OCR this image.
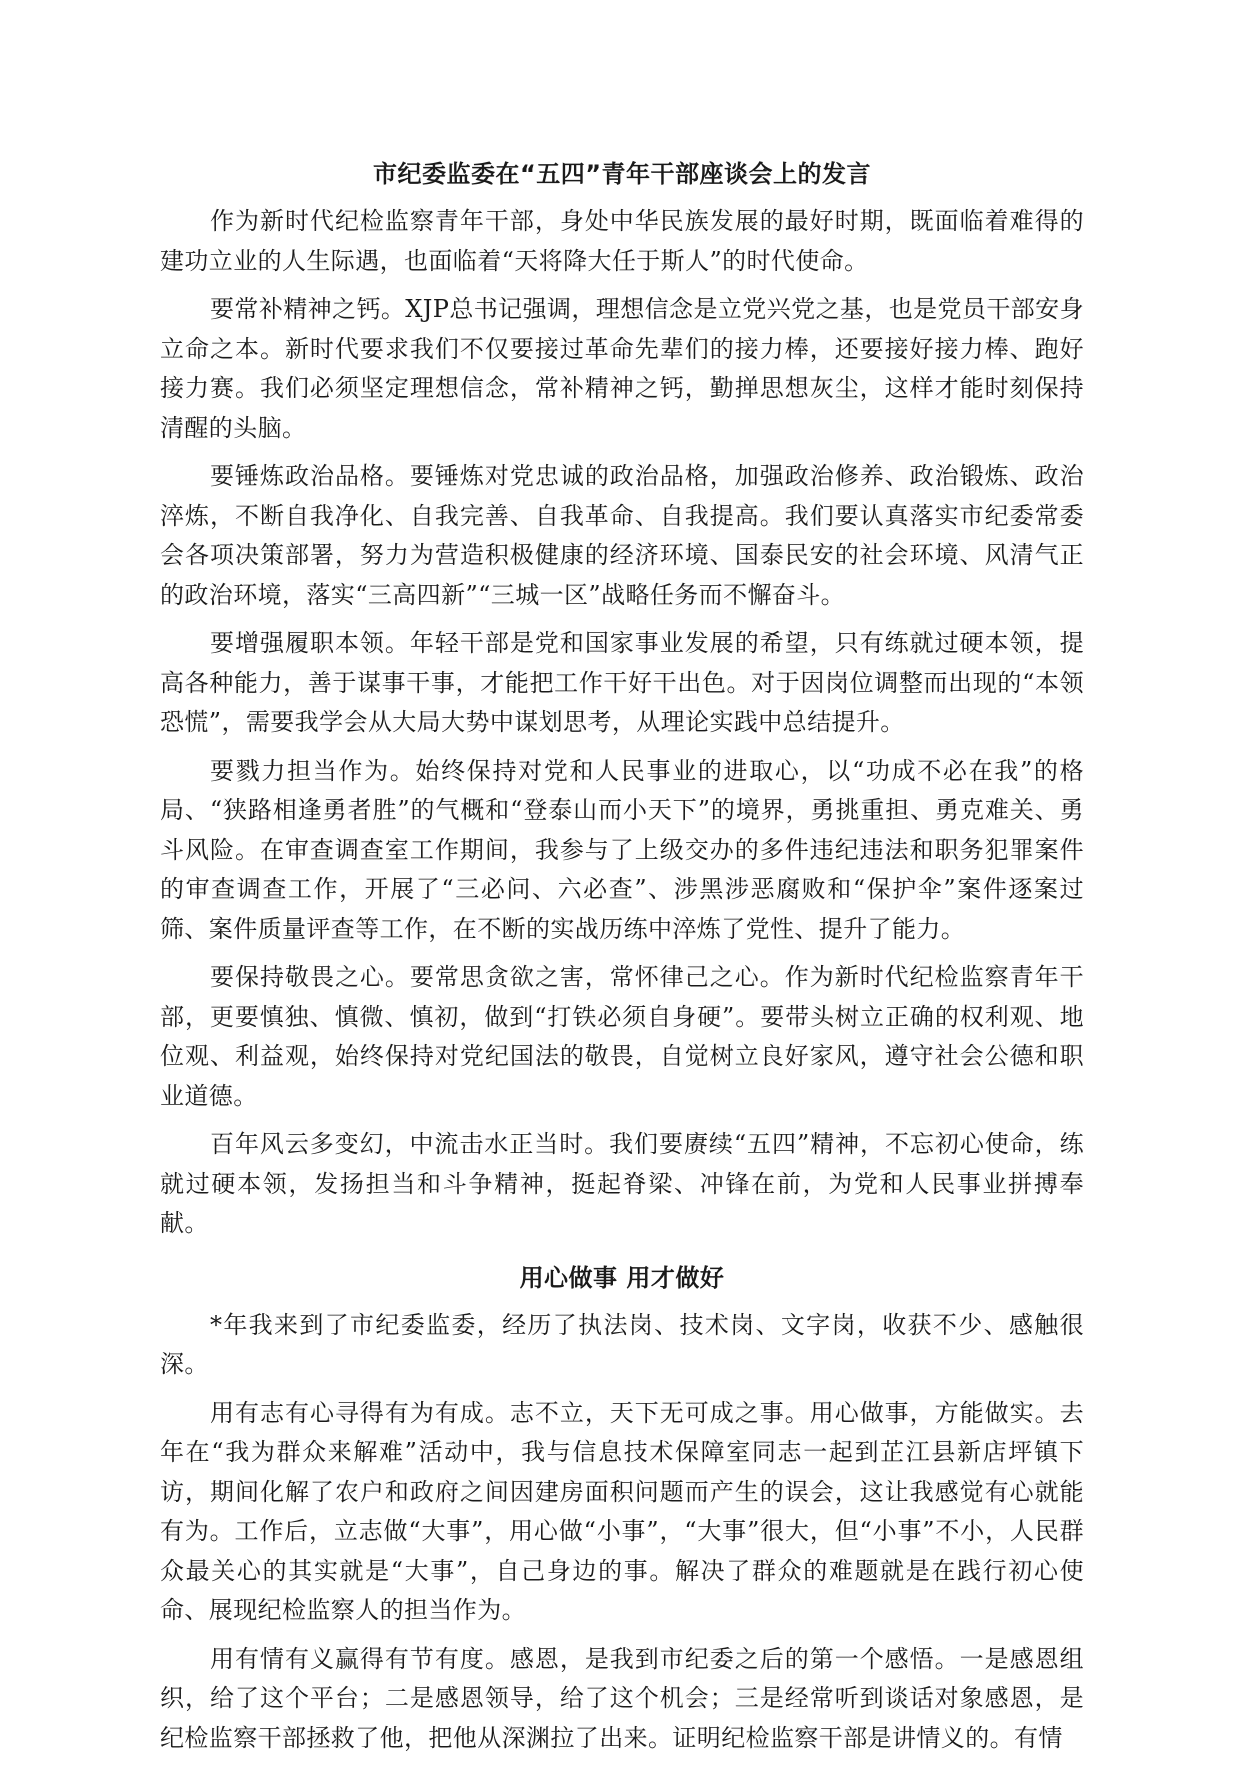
市纪委监委在“五四”青年干部座谈会上的发言

作为新时代纪检监察青年干部，身处中华民族发展的最好时期，既面临着难得的建功立业的人生际遇，也面临着“天将降大任于斯人”的时代使命。

要常补精神之钙。XJP总书记强调，理想信念是立党兴党之基，也是党员干部安身立命之本。新时代要求我们不仅要接过革命先辈们的接力棒，还要接好接力棒、跑好接力赛。我们必须坚定理想信念，常补精神之钙，勤掸思想灰尘，这样才能时刻保持清醒的头脑。

要锤炼政治品格。要锤炼对党忠诚的政治品格，加强政治修养、政治锻炼、政治淬炼，不断自我净化、自我完善、自我革命、自我提高。我们要认真落实市纪委常委会各项决策部署，努力为营造积极健康的经济环境、国泰民安的社会环境、风清气正的政治环境，落实“三高四新”“三城一区”战略任务而不懈奋斗。

要增强履职本领。年轻干部是党和国家事业发展的希望，只有练就过硬本领，提高各种能力，善于谋事干事，才能把工作干好干出色。对于因岗位调整而出现的“本领恐慌”，需要我学会从大局大势中谋划思考，从理论实践中总结提升。

要戮力担当作为。始终保持对党和人民事业的进取心，以“功成不必在我”的格局、“狭路相逢勇者胜”的气概和“登泰山而小天下”的境界，勇挑重担、勇克难关、勇斗风险。在审查调查室工作期间，我参与了上级交办的多件违纪违法和职务犯罪案件的审查调查工作，开展了“三必问、六必查”、涉黑涉恶腐败和“保护伞”案件逐案过筛、案件质量评查等工作，在不断的实战历练中淬炼了党性、提升了能力。

要保持敬畏之心。要常思贪欲之害，常怀律己之心。作为新时代纪检监察青年干部，更要慎独、慎微、慎初，做到“打铁必须自身硬”。要带头树立正确的权利观、地位观、利益观，始终保持对党纪国法的敬畏，自觉树立良好家风，遵守社会公德和职业道德。

百年风云多变幻，中流击水正当时。我们要赓续“五四”精神，不忘初心使命，练就过硬本领，发扬担当和斗争精神，挺起脊梁、冲锋在前，为党和人民事业拼搏奉献。

用心做事 用才做好

*年我来到了市纪委监委，经历了执法岗、技术岗、文字岗，收获不少、感触很深。

用有志有心寻得有为有成。志不立，天下无可成之事。用心做事，方能做实。去年在“我为群众来解难”活动中，我与信息技术保障室同志一起到芷江县新店坪镇下访，期间化解了农户和政府之间因建房面积问题而产生的误会，这让我感觉有心就能有为。工作后，立志做“大事”，用心做“小事”，“大事”很大，但“小事”不小，人民群众最关心的其实就是“大事”，自己身边的事。解决了群众的难题就是在践行初心使命、展现纪检监察人的担当作为。

用有情有义赢得有节有度。感恩，是我到市纪委之后的第一个感悟。一是感恩组织，给了这个平台；二是感恩领导，给了这个机会；三是经常听到谈话对象感恩，是纪检监察干部拯救了他，把他从深渊拉了出来。证明纪检监察干部是讲情义的。有情
